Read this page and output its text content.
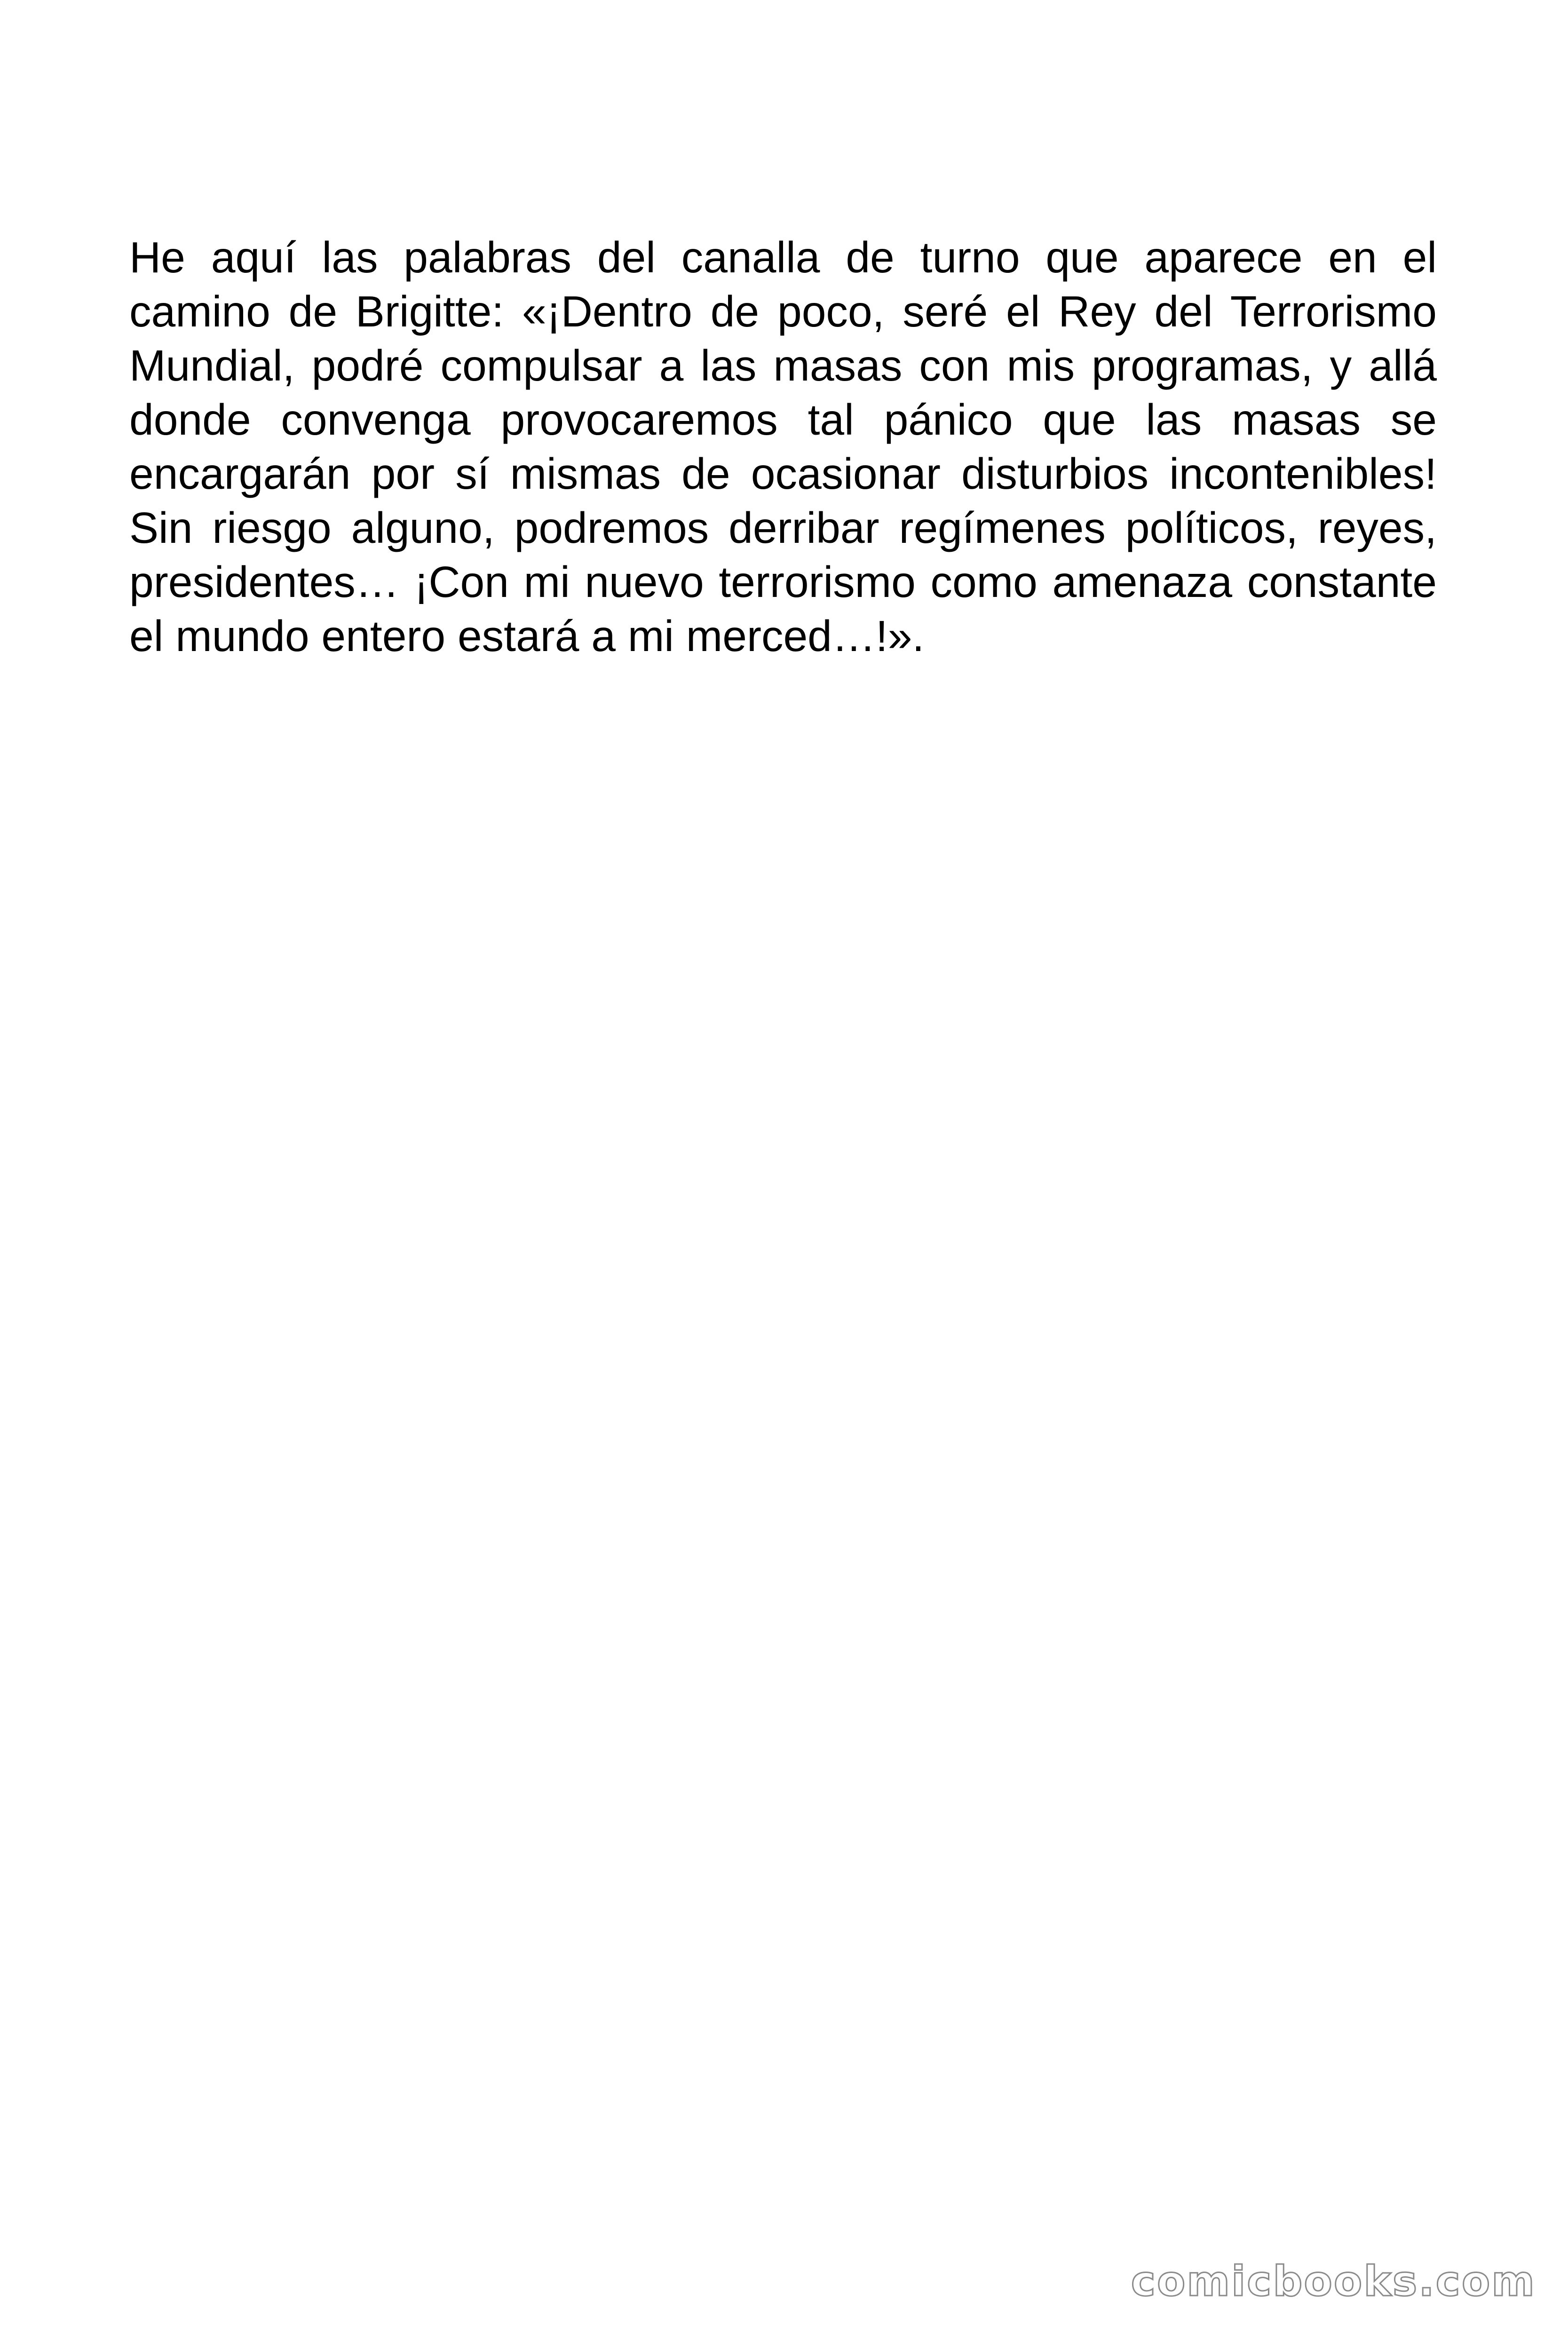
He aquí las palabras del canalla de turno que aparece en el camino de Brigitte: «¡Dentro de poco, seré el Rey del Terrorismo Mundial, podré compulsar a las masas con mis programas, y allá donde convenga provocaremos tal pánico que las masas se encargarán por sí mismas de ocasionar disturbios incontenibles! Sin riesgo alguno, podremos derribar regímenes políticos, reyes, presidentes… ¡Con mi nuevo terrorismo como amenaza constante el mundo entero estará a mi merced…!».

comicbooks.com
